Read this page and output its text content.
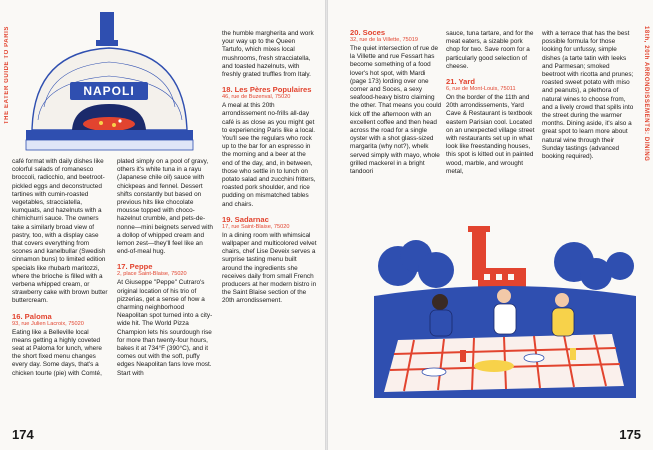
THE EATER GUIDE TO PARIS	NAPOLI

café format with daily dishes like colorful salads of romanesco broccoli, radicchio, and beetroot-pickled eggs and deconstructed tartines with cumin-roasted vegetables, stracciatella, kumquats, and hazelnuts with a chimichurri sauce. The owners take a similarly broad view of pastry, too, with a display case that covers everything from scones and kanelbullar (Swedish cinnamon buns) to limited edition specials like rhubarb maritozzi, where the brioche is filled with a verbena whipped cream, or strawberry cake with brown butter buttercream.

16. Paloma
93, rue Julien Lacroix, 75020

Eating like a Belleville local means getting a highly coveted seat at Paloma for lunch, where the short fixed menu changes every day. Some days, that's a chicken tourte (pie) with Comté,

plated simply on a pool of gravy, others it's white tuna in a rayu (Japanese chile oil) sauce with chickpeas and fennel. Dessert shifts constantly but based on previous hits like chocolate mousse topped with choco-hazelnut crumble, and pets-de-nonne—mini beignets served with a dollop of whipped cream and lemon zest—they'll feel like an end-of-meal hug.

17. Peppe
2, place Saint-Blaise, 75020

At Giuseppe "Peppe" Cutraro's original location of his trio of pizzerias, get a sense of how a charming neighborhood Neapolitan spot turned into a city-wide hit. The World Pizza Champion lets his sourdough rise for more than twenty-four hours, bakes it at 734°F (390°C), and it comes out with the soft, puffy edges Neapolitan fans love most. Start with

the humble margherita and work your way up to the Queen Tartufo, which mixes local mushrooms, fresh stracciatella, and toasted hazelnuts, with freshly grated truffles from Italy.

18. Les Pères Populaires
46, rue de Buzenval, 75020

A meal at this 20th arrondissement no-frills all-day café is as close as you might get to experiencing Paris like a local. You'll see the regulars who rock up to the bar for an espresso in the morning and a beer at the end of the day, and, in between, those who settle in to lunch on potato salad and zucchini fritters, roasted pork shoulder, and rice pudding on mismatched tables and chairs.

19. Sadarnac
17, rue Saint-Blaise, 75020

In a dining room with whimsical wallpaper and multicolored velvet chairs, chef Lise Deveix serves a surprise tasting menu built around the ingredients she receives daily from small French producers at her modern bistro in the Saint Blaise section of the 20th arrondissement.

174
18th, 20th ARRONDISSEMENTS: DINING
20. Soces
32, rue de la Villette, 75019

The quiet intersection of rue de la Villette and rue Fessart has become something of a food lover's hot spot, with Mardi (page 173) lording over one corner and Soces, a sexy seafood-heavy bistro claiming the other. That means you could kick off the afternoon with an excellent coffee and then head across the road for a single oyster with a shot glass-sized margarita (why not?), whelk served simply with mayo, whole grilled mackerel in a bright tandoori

sauce, tuna tartare, and for the meat eaters, a sizable pork chop for two. Save room for a particularly good selection of cheese.

21. Yard
6, rue de Mont-Louis, 75011

On the border of the 11th and 20th arrondissements, Yard Cave & Restaurant is textbook eastern Parisian cool. Located on an unexpected village street with restaurants set up in what look like freestanding houses, this spot is kitted out in painted wood, marble, and wrought metal,

with a terrace that has the best possible formula for those looking for unfussy, simple dishes (a tarte tatin with leeks and Parmesan; smoked beetroot with ricotta and prunes; roasted sweet potato with miso and peanuts), a plethora of natural wines to choose from, and a lively crowd that spills into the street during the warmer months. Dining aside, it's also a great spot to learn more about natural wine through their Sunday tastings (advanced booking required).

175
